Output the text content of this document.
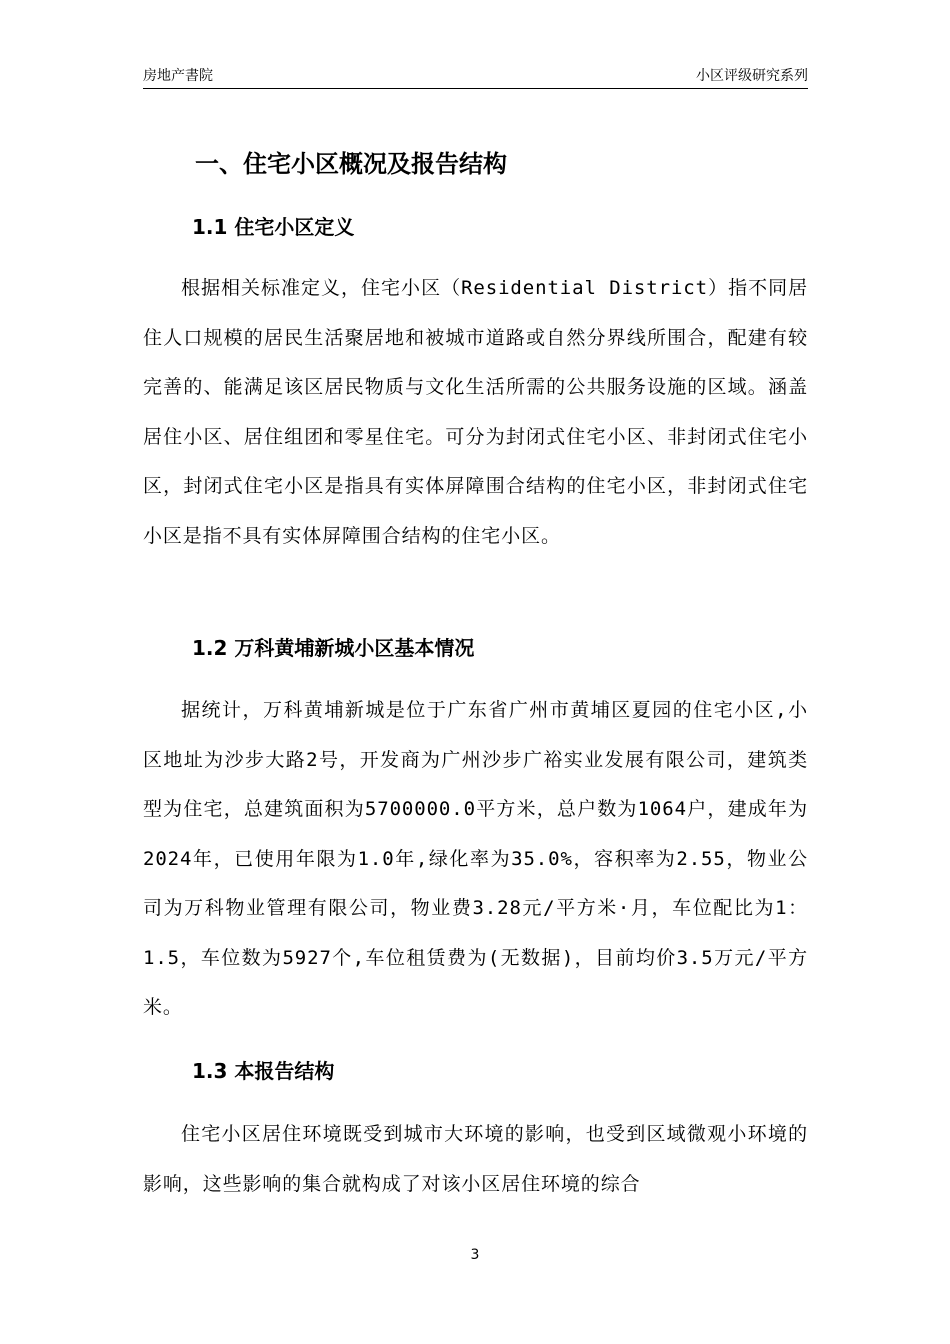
房地产書院	小区评级研究系列
一、住宅小区概况及报告结构
1.1 住宅小区定义

根据相关标准定义，住宅小区（Residential District）指不同居住人口规模的居民生活聚居地和被城市道路或自然分界线所围合，配建有较完善的、能满足该区居民物质与文化生活所需的公共服务设施的区域。涵盖居住小区、居住组团和零星住宅。可分为封闭式住宅小区、非封闭式住宅小区，封闭式住宅小区是指具有实体屏障围合结构的住宅小区，非封闭式住宅小区是指不具有实体屏障围合结构的住宅小区。

1.2 万科黄埔新城小区基本情况

据统计，万科黄埔新城是位于广东省广州市黄埔区夏园的住宅小区,小区地址为沙步大路2号，开发商为广州沙步广裕实业发展有限公司，建筑类型为住宅，总建筑面积为5700000.0平方米，总户数为1064户，建成年为2024年，已使用年限为1.0年,绿化率为35.0%，容积率为2.55，物业公司为万科物业管理有限公司，物业费3.28元/平方米·月，车位配比为1：1.5，车位数为5927个,车位租赁费为(无数据)，目前均价3.5万元/平方米。

1.3 本报告结构

住宅小区居住环境既受到城市大环境的影响，也受到区域微观小环境的影响，这些影响的集合就构成了对该小区居住环境的综合

3
